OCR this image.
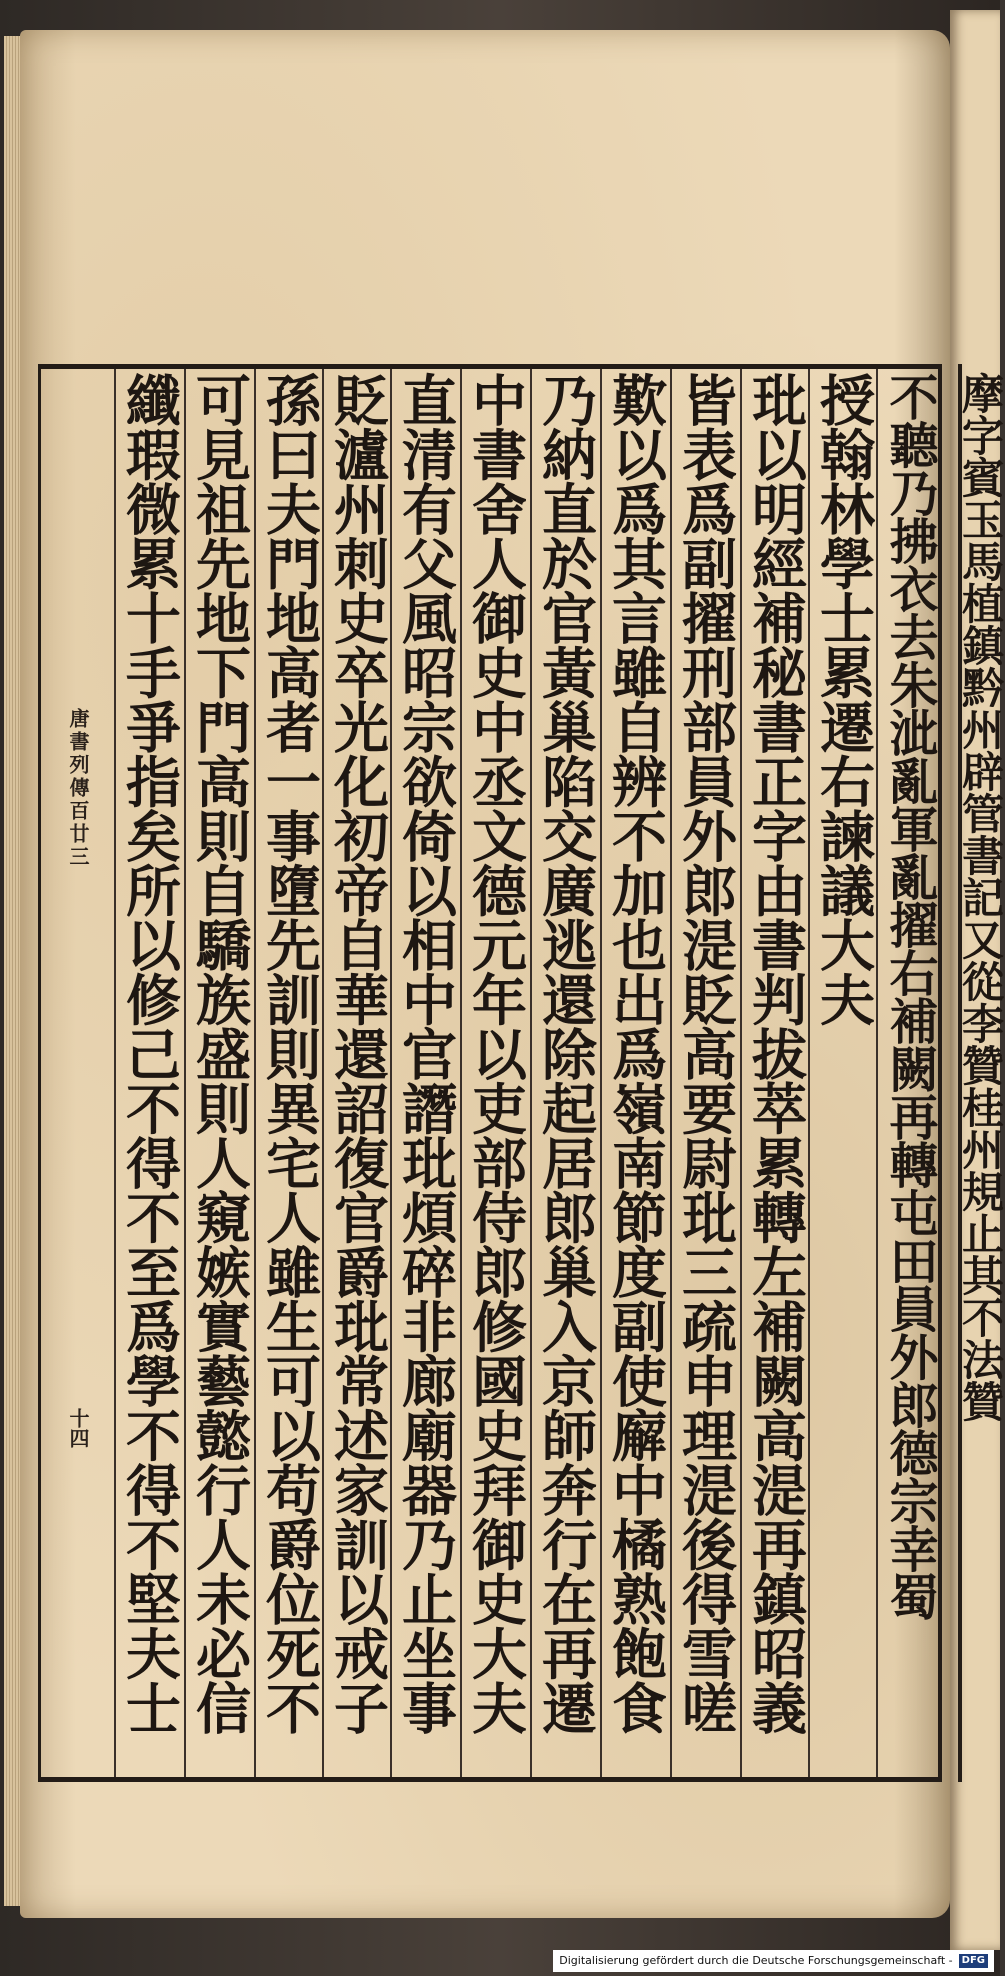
不聽乃拂衣去朱泚亂軍亂擢右補闕再轉屯田員外郎德宗幸蜀
授翰林學士累遷右諫議大夫
玭以明經補秘書正字由書判拔萃累轉左補闕高湜再鎮昭義
皆表爲副擢刑部員外郎湜貶高要尉玭三疏申理湜後得雪嗟
歎以爲其言雖自辨不加也出爲嶺南節度副使廨中橘熟飽食
乃納直於官黃巢陷交廣逃還除起居郎巢入京師奔行在再遷
中書舍人御史中丞文德元年以吏部侍郎修國史拜御史大夫
直清有父風昭宗欲倚以相中官譖玭煩碎非廊廟器乃止坐事
貶瀘州刺史卒光化初帝自華還詔復官爵玭常述家訓以戒子
孫曰夫門地高者一事墮先訓則異宅人雖生可以苟爵位死不
可見祖先地下門高則自驕族盛則人窺嫉實藝懿行人未必信
纖瑕微累十手爭指矣所以修己不得不至爲學不得不堅夫士
唐書列傳百廿三
十四
摩字賓玉馬植鎮黔州辟管書記又從李贊桂州規止其不法贊
Digitalisierung gefördert durch die Deutsche Forschungsgemeinschaft - DFG
